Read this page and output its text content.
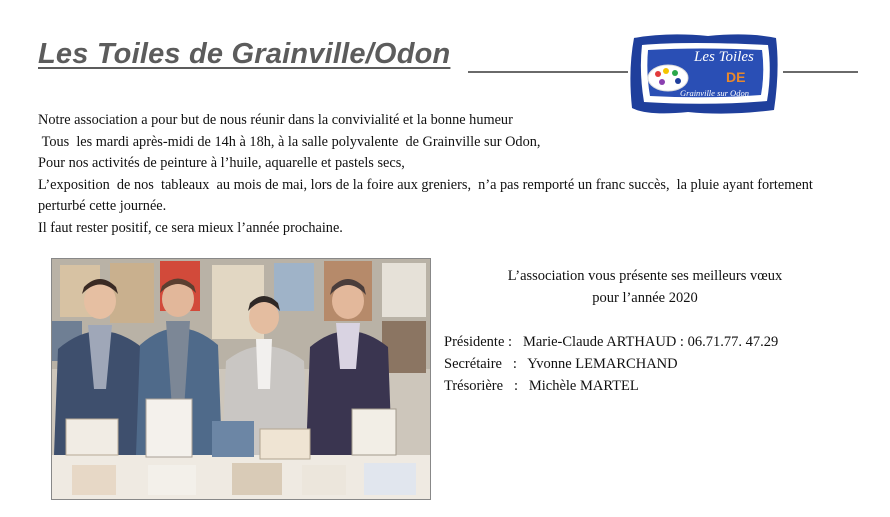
Les Toiles de Grainville/Odon	Les Toiles
DE
Grainville sur Odon

Notre association a pour but de nous réunir dans la convivialité et la bonne humeur

Tous  les mardi après-midi de 14h à 18h, à la salle polyvalente  de Grainville sur Odon,

Pour nos activités de peinture à l’huile, aquarelle et pastels secs,

L’exposition  de nos  tableaux  au mois de mai, lors de la foire aux greniers,  n’a pas remporté un franc succès,  la pluie ayant fortement perturbé cette journée.

Il faut rester positif, ce sera mieux l’année prochaine.

L’association vous présente ses meilleurs vœux
pour l’année 2020
Présidente : Marie-Claude ARTHAUD : 06.71.77. 47.29
Secrétaire   :   Yvonne LEMARCHAND
Trésorière   :   Michèle MARTEL
